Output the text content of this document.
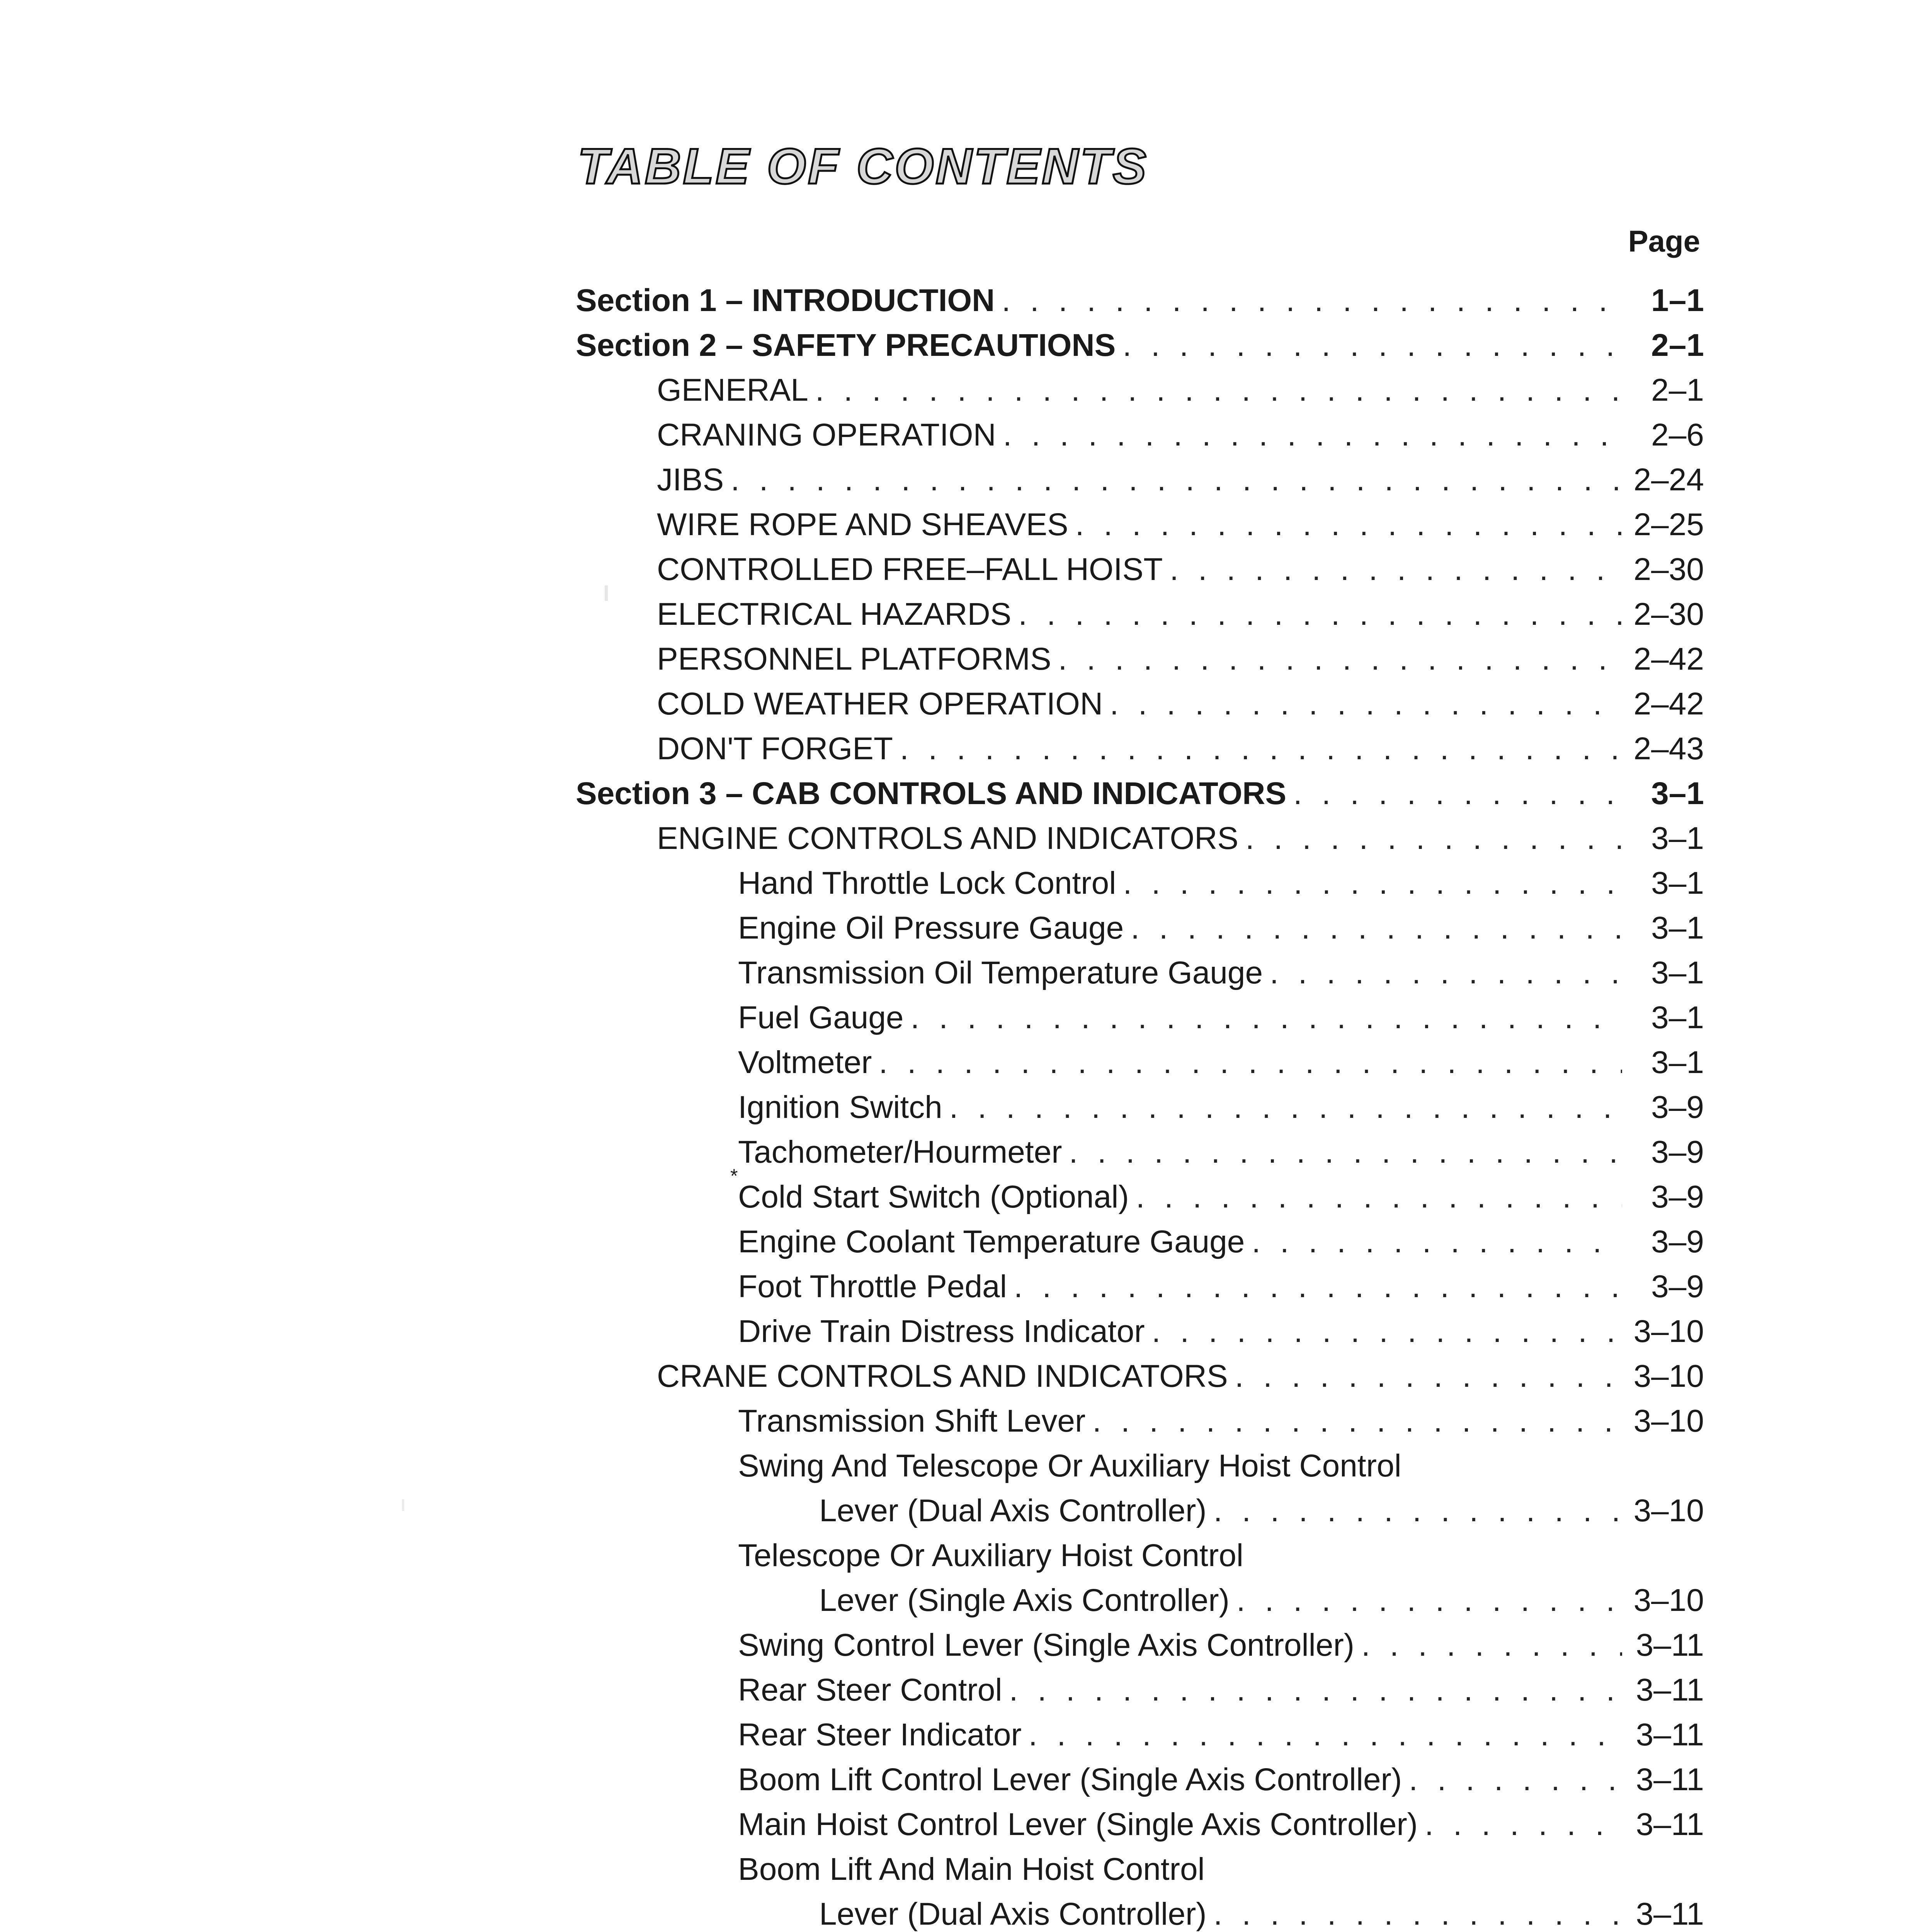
TABLE OF CONTENTS
Page
Section 1 – INTRODUCTION . . .	1–1
Section 2 – SAFETY PRECAUTIONS . . .	2–1
GENERAL . . .	2–1
CRANING OPERATION . . .	2–6
JIBS . . .	2–24
WIRE ROPE AND SHEAVES . . .	2–25
CONTROLLED FREE–FALL HOIST . . .	2–30
ELECTRICAL HAZARDS . . .	2–30
PERSONNEL PLATFORMS . . .	2–42
COLD WEATHER OPERATION . . .	2–42
DON'T FORGET . . .	2–43
Section 3 – CAB CONTROLS AND INDICATORS . . .	3–1
ENGINE CONTROLS AND INDICATORS . . .	3–1
Hand Throttle Lock Control . . .	3–1
Engine Oil Pressure Gauge . . .	3–1
Transmission Oil Temperature Gauge . . .	3–1
Fuel Gauge . . .	3–1
Voltmeter . . .	3–1
Ignition Switch . . .	3–9
Tachometer/Hourmeter . . .	3–9
*
Cold Start Switch (Optional) . . .	3–9
Engine Coolant Temperature Gauge . . .	3–9
Foot Throttle Pedal . . .	3–9
Drive Train Distress Indicator . . .	3–10
CRANE CONTROLS AND INDICATORS . . .	3–10
Transmission Shift Lever . . .	3–10
Swing And Telescope Or Auxiliary Hoist Control
Lever (Dual Axis Controller) . . .	3–10
Telescope Or Auxiliary Hoist Control
Lever (Single Axis Controller) . . .	3–10
Swing Control Lever (Single Axis Controller) . . .	3–11
Rear Steer Control . . .	3–11
Rear Steer Indicator . . .	3–11
Boom Lift Control Lever (Single Axis Controller) . . .	3–11
Main Hoist Control Lever (Single Axis Controller) . . .	3–11
Boom Lift And Main Hoist Control
Lever (Dual Axis Controller) . . .	3–11
